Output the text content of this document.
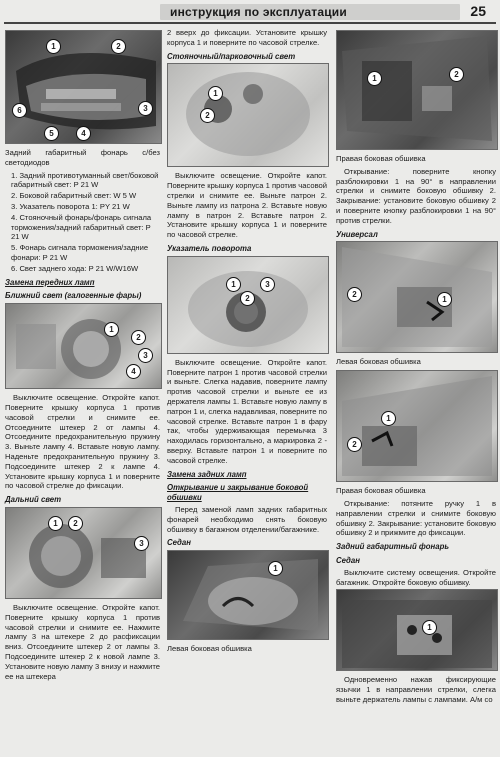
инструкция по эксплуатации	25
1	2
3
4
5
6

Задний габаритный фонарь с/без светодиодов

1. Задний противотуманный свет/боковой габаритный свет: P 21 W

2. Боковой габаритный свет: W 5 W

3. Указатель поворота 1: PY 21 W

4. Стояночный фонарь/фонарь сигнала торможения/задний габаритный свет: P 21 W

5. Фонарь сигнала торможения/задние фонари: P 21 W

6. Свет заднего хода: P 21 W/W16W

Замена передних ламп

Ближний свет (галогенные фары)

1
2
3
4

Выключите освещение. Откройте капот. Поверните крышку корпуса 1 против часовой стрелки и снимите ее. Отсоедините штекер 2 от лампы 4. Отсоедините предохранительную пружину 3. Выньте лампу 4. Вставьте новую лампу. Наденьте предохранительную пружину 3. Подсоедините штекер 2 к лампе 4. Установите крышку корпуса 1 и поверните по часовой стрелке до фиксации.

Дальний свет

1	2
3

Выключите освещение. Откройте капот. Поверните крышку корпуса 1 против часовой стрелки и снимите ее. Нажмите лампу 3 на штекере 2 до расфиксации вниз. Отсоедините штекер 2 от лампы 3. Подсоедините штекер 2 к новой лампе 3. Установите новую лампу 3 внизу и нажмите ее на штекера

2 вверх до фиксации. Установите крышку корпуса 1 и поверните по часовой стрелке.

Стояночный/парковочный свет

1
2

Выключите освещение. Откройте капот. Поверните крышку корпуса 1 против часовой стрелки и снимите ее. Выньте патрон 2. Выньте лампу из патрона 2. Вставьте новую лампу в патрон 2. Вставьте патрон 2. Установите крышку корпуса 1 и поверните по часовой стрелке.

Указатель поворота

1
2
3

Выключите освещение. Откройте капот. Поверните патрон 1 против часовой стрелки и выньте. Слегка надавив, поверните лампу против часовой стрелки и выньте ее из держателя лампы 1. Вставьте новую лампу в патрон 1 и, слегка надавливая, поверните по часовой стрелке. Вставьте патрон 1 в фару так, чтобы удерживающая перемычка 3 находилась горизонтально, а маркировка 2 - вверху. Вставьте патрон 1 и поверните по часовой стрелке.

Замена задних ламп

Открывание и закрывание боковой обшивки

Перед заменой ламп задних габаритных фонарей необходимо снять боковую обшивку в багажном отделении/багажнике.

Седан

1

Левая боковая обшивка

1	2

Правая боковая обшивка

Открывание: поверните кнопку разблокировки 1 на 90° в направлении стрелки и снимите боковую обшивку 2. Закрывание: установите боковую обшивку 2 и поверните кнопку разблокировки 1 на 90° против стрелки.

Универсал

2
1

Левая боковая обшивка

2
1

Правая боковая обшивка

Открывание: потяните ручку 1 в направлении стрелки и снимите боковую обшивку 2. Закрывание: установите боковую обшивку 2 и прижмите до фиксации.

Задний габаритный фонарь

Седан

Выключите систему освещения. Откройте багажник. Откройте боковую обшивку.

1

Одновременно нажав фиксирующие язычки 1 в направлении стрелки, слегка выньте держатель лампы с лампами. А/м со
